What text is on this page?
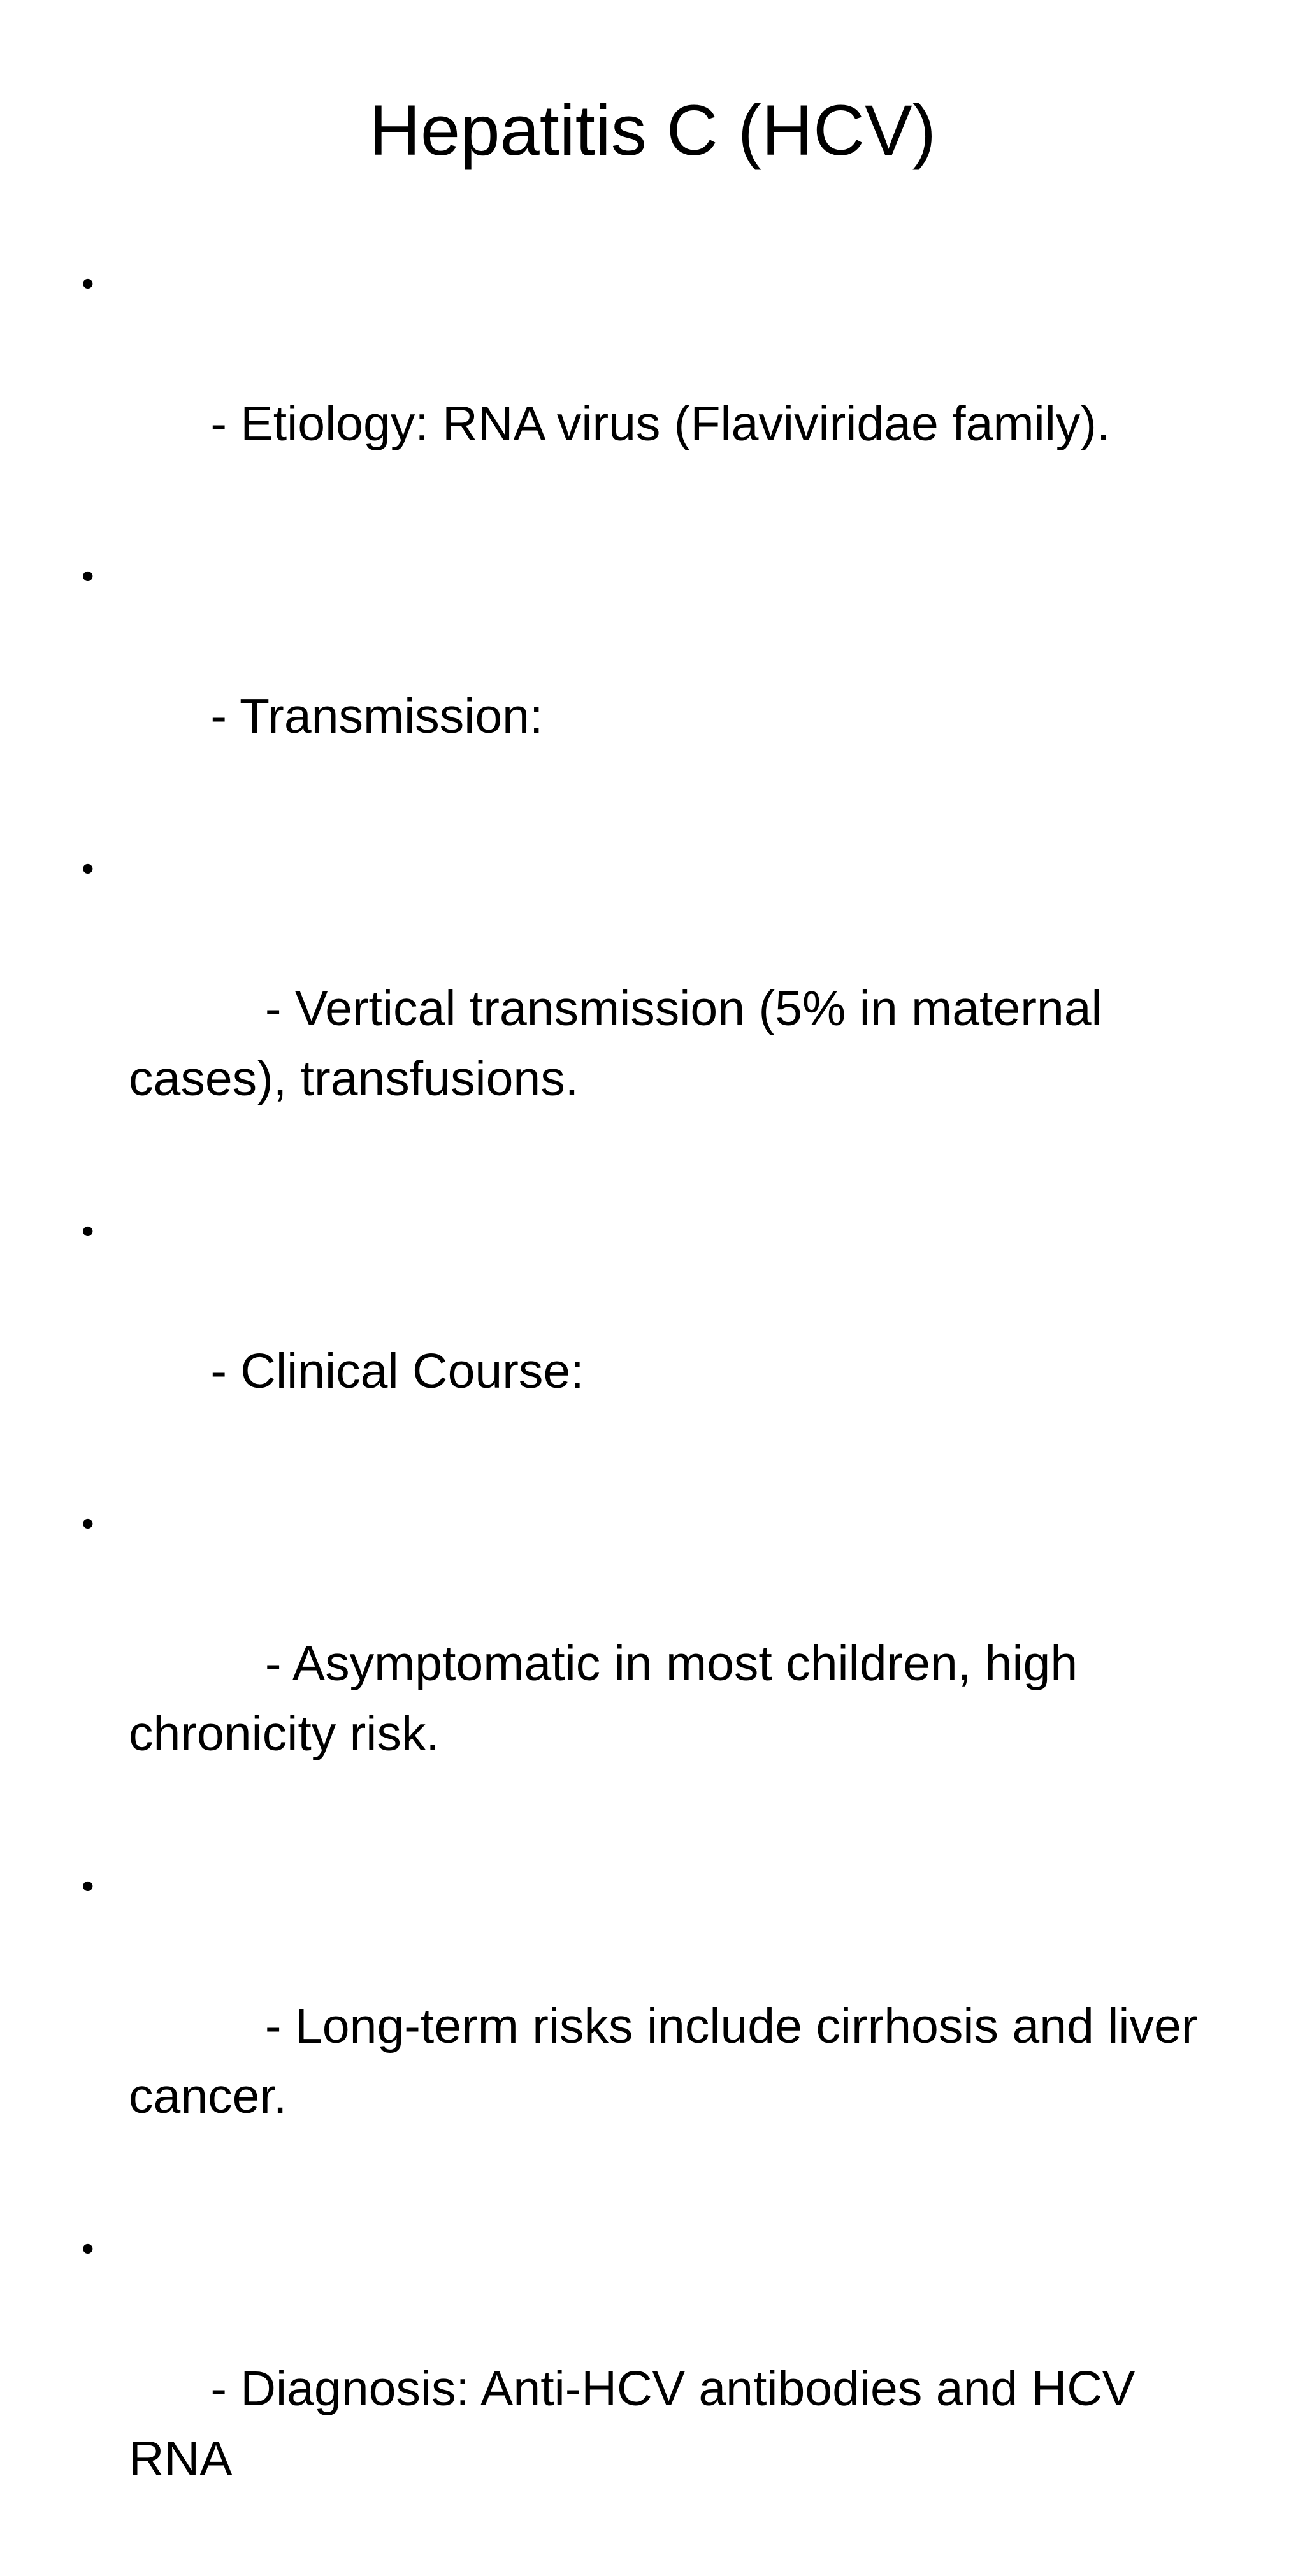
Hepatitis C (HCV)

•

- Etiology: RNA virus (Flaviviridae family).

•

- Transmission:

•

- Vertical transmission (5% in maternal cases), transfusions.

•

- Clinical Course:

•

- Asymptomatic in most children, high chronicity risk.

•

- Long-term risks include cirrhosis and liver cancer.

•

- Diagnosis: Anti-HCV antibodies and HCV RNA
